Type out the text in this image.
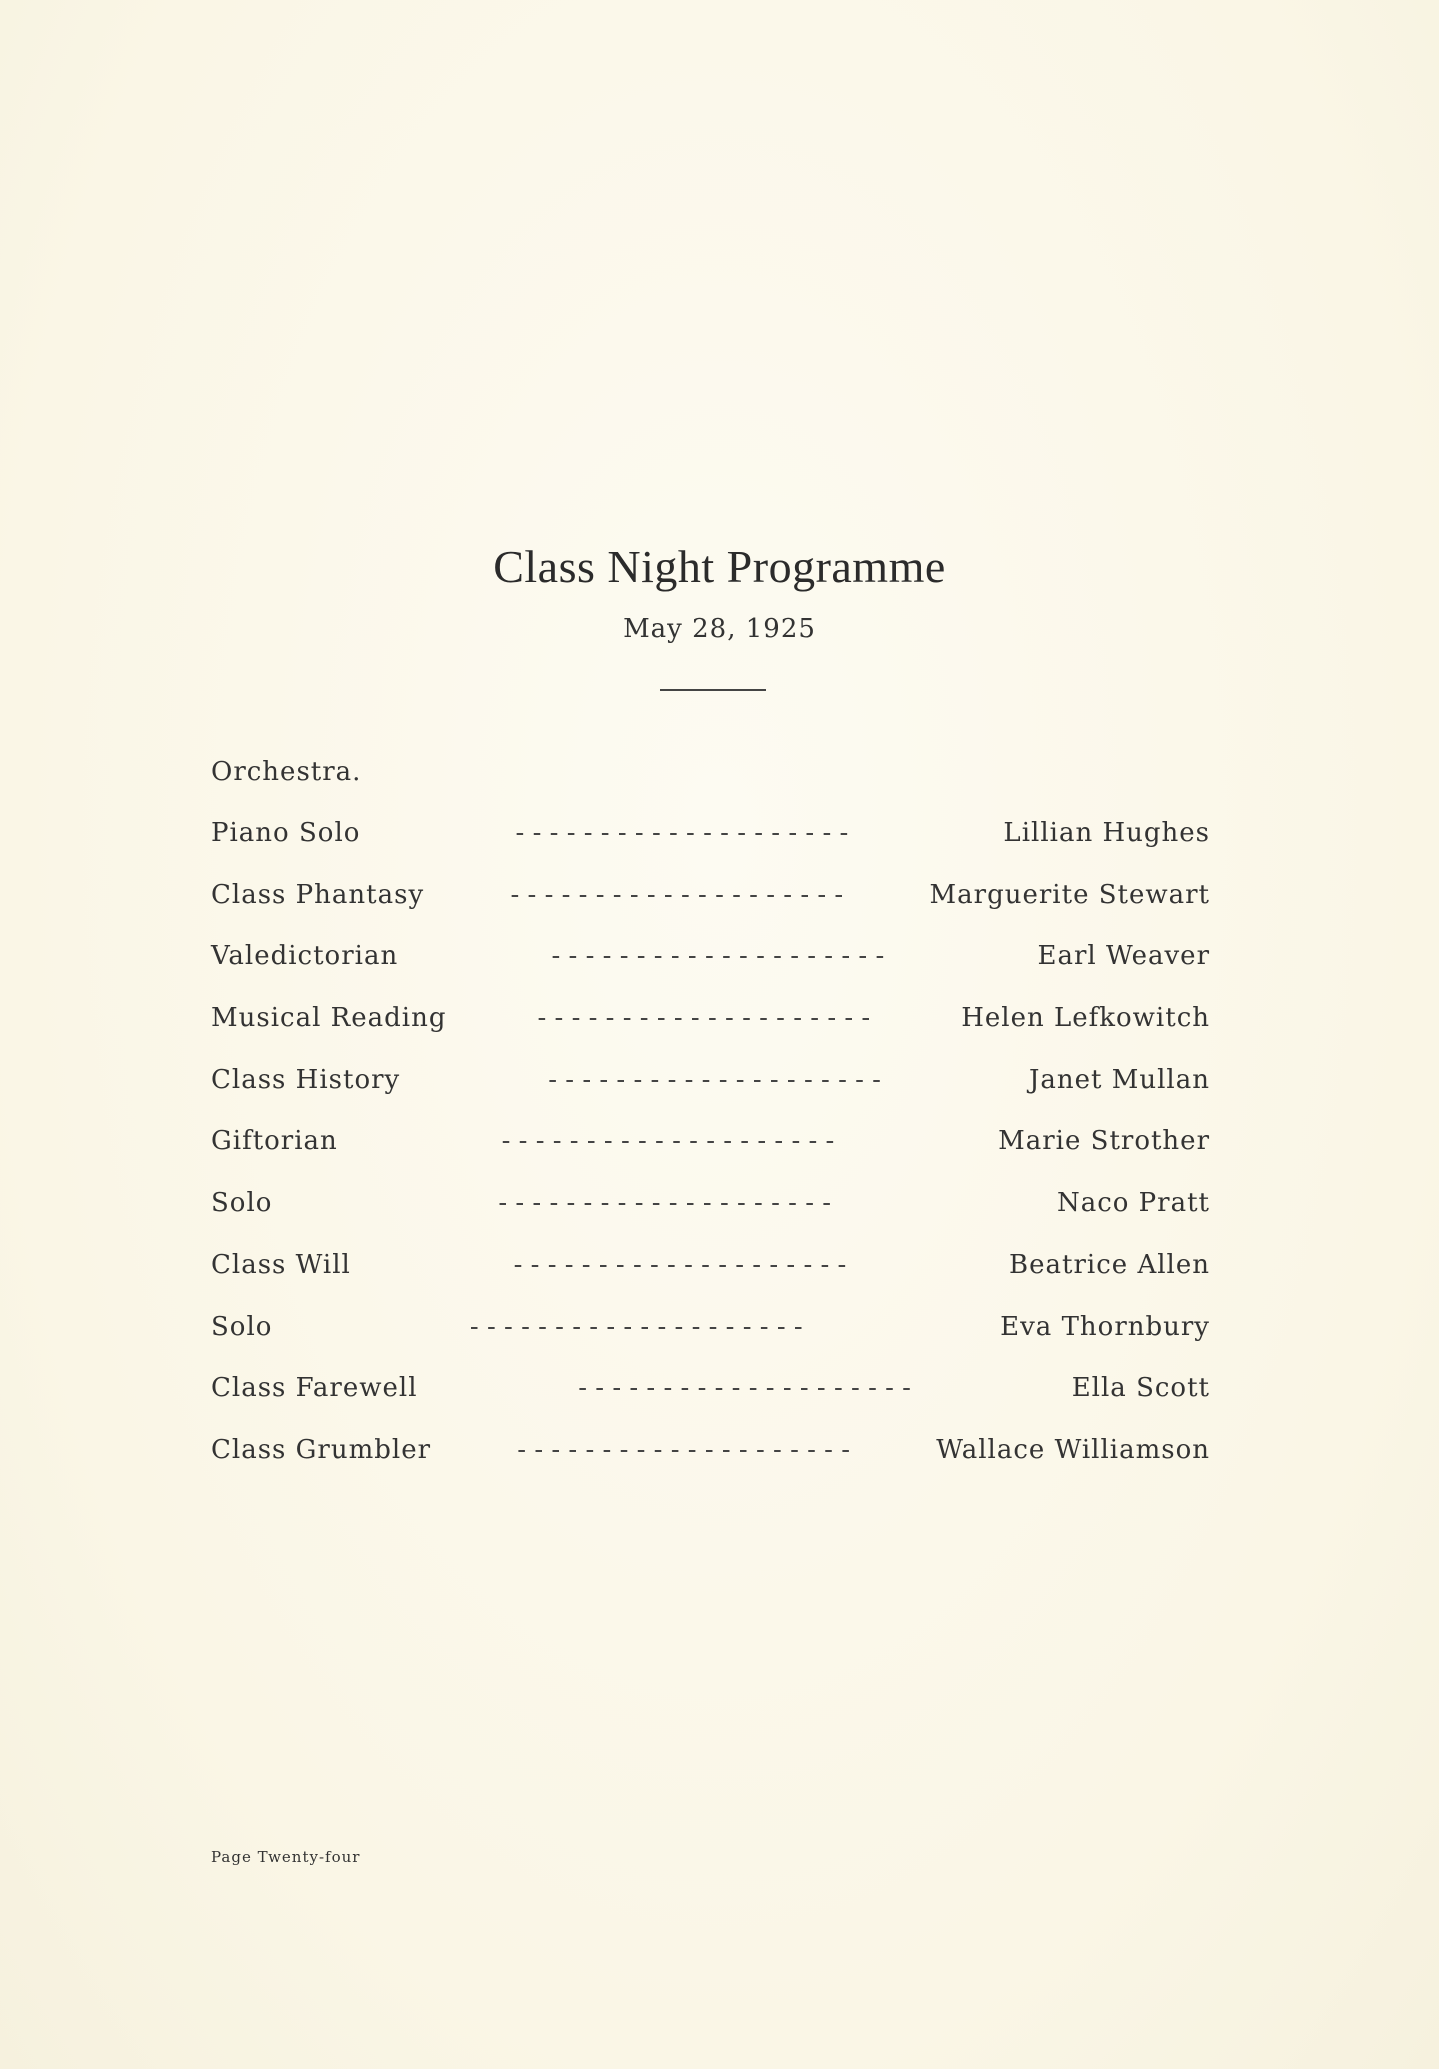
Class Night Programme
May 28, 1925
Orchestra.
Piano Solo	- - - - - - - - - - - - - - - - - - - -	Lillian Hughes
Class Phantasy	- - - - - - - - - - - - - - - - - - - -	Marguerite Stewart
Valedictorian	- - - - - - - - - - - - - - - - - - - -	Earl Weaver
Musical Reading	- - - - - - - - - - - - - - - - - - - -	Helen Lefkowitch
Class History	- - - - - - - - - - - - - - - - - - - -	Janet Mullan
Giftorian	- - - - - - - - - - - - - - - - - - - -	Marie Strother
Solo	- - - - - - - - - - - - - - - - - - - -	Naco Pratt
Class Will	- - - - - - - - - - - - - - - - - - - -	Beatrice Allen
Solo	- - - - - - - - - - - - - - - - - - - -	Eva Thornbury
Class Farewell	- - - - - - - - - - - - - - - - - - - -	Ella Scott
Class Grumbler	- - - - - - - - - - - - - - - - - - - -	Wallace Williamson
Page Twenty-four
